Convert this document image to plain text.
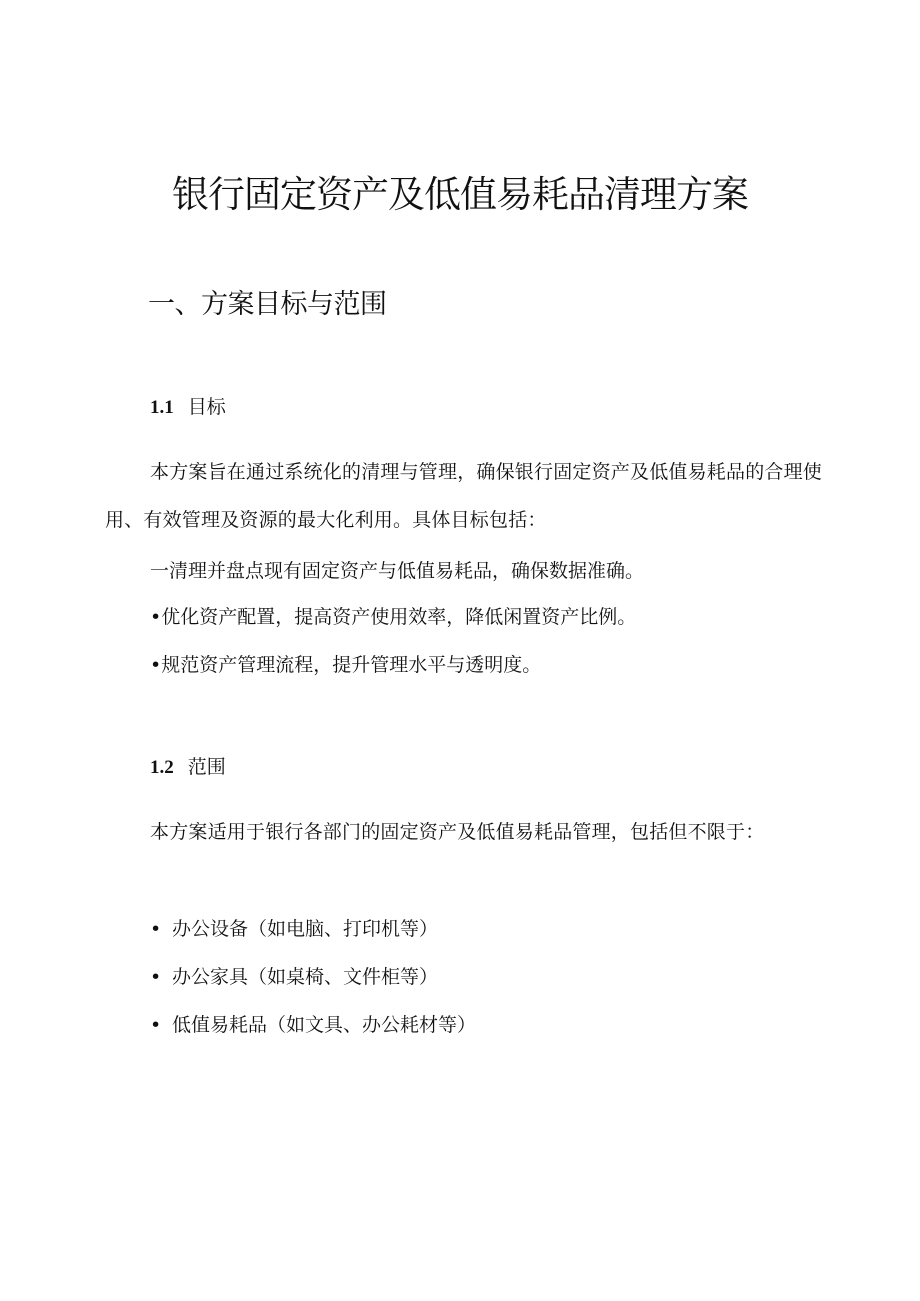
银行固定资产及低值易耗品清理方案
一、方案目标与范围
1.1 目标

本方案旨在通过系统化的清理与管理，确保银行固定资产及低值易耗品的合理使用、有效管理及资源的最大化利用。具体目标包括：

一清理并盘点现有固定资产与低值易耗品，确保数据准确。

•优化资产配置，提高资产使用效率，降低闲置资产比例。

•规范资产管理流程，提升管理水平与透明度。

1.2 范围

本方案适用于银行各部门的固定资产及低值易耗品管理，包括但不限于：

• 办公设备（如电脑、打印机等）

• 办公家具（如桌椅、文件柜等）

• 低值易耗品（如文具、办公耗材等）
